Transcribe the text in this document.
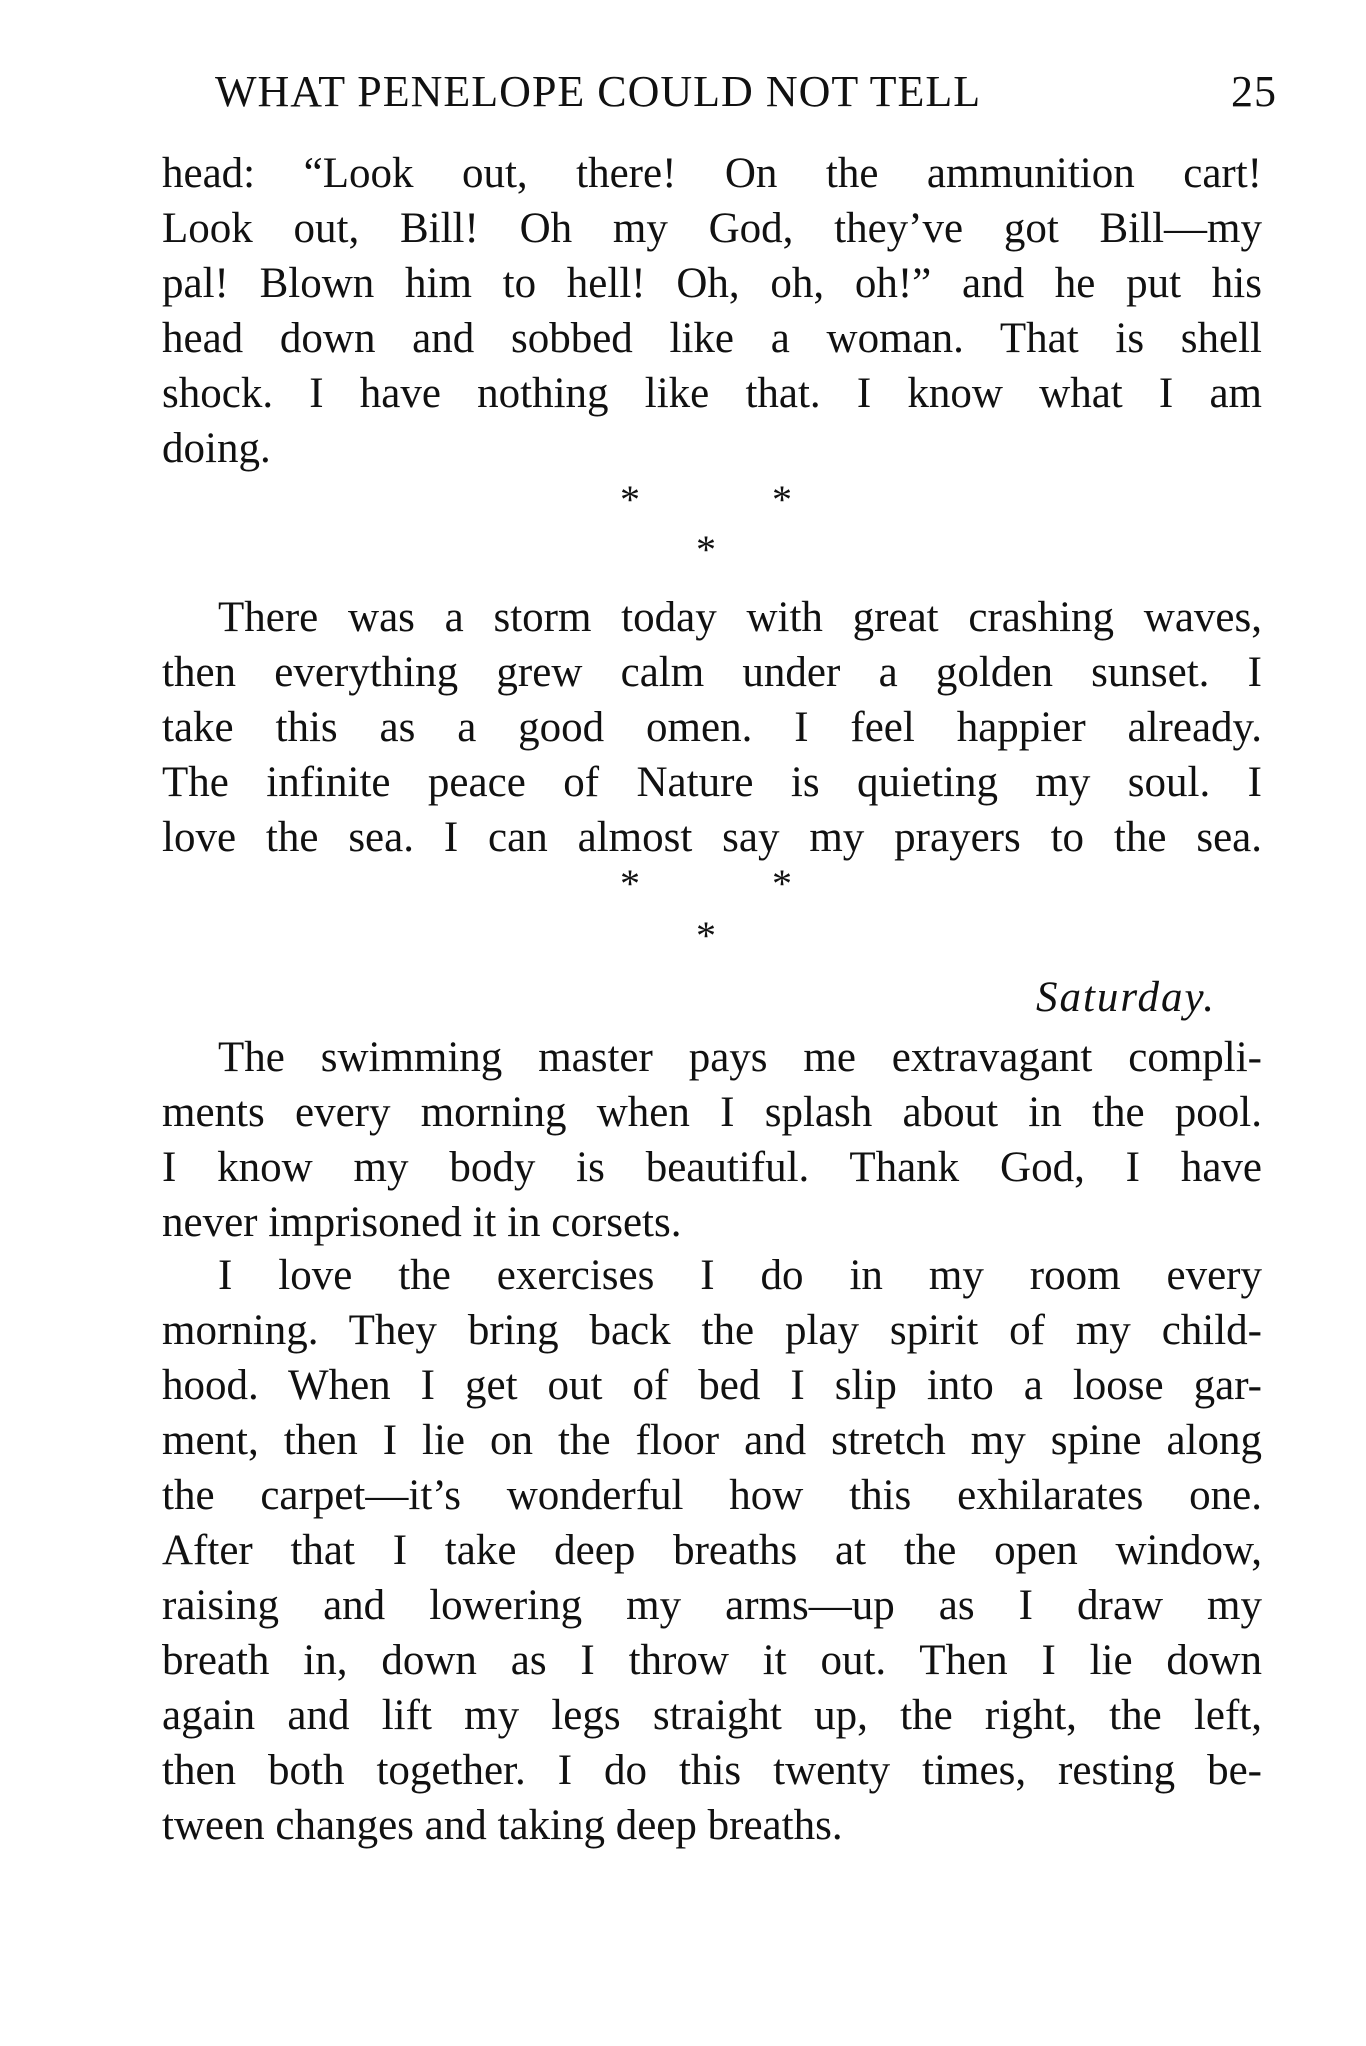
WHAT PENELOPE COULD NOT TELL	25
head: “Look out, there! On the ammunition cart!
Look out, Bill! Oh my God, they’ve got Bill—my
pal! Blown him to hell! Oh, oh, oh!” and he put his
head down and sobbed like a woman. That is shell
shock. I have nothing like that. I know what I am
doing.
*	*
*
There was a storm today with great crashing waves,
then everything grew calm under a golden sunset. I
take this as a good omen. I feel happier already.
The infinite peace of Nature is quieting my soul. I
love the sea. I can almost say my prayers to the sea.
*	*
*
Saturday.
The swimming master pays me extravagant compli-
ments every morning when I splash about in the pool.
I know my body is beautiful. Thank God, I have
never imprisoned it in corsets.
I love the exercises I do in my room every
morning. They bring back the play spirit of my child-
hood. When I get out of bed I slip into a loose gar-
ment, then I lie on the floor and stretch my spine along
the carpet—it’s wonderful how this exhilarates one.
After that I take deep breaths at the open window,
raising and lowering my arms—up as I draw my
breath in, down as I throw it out. Then I lie down
again and lift my legs straight up, the right, the left,
then both together. I do this twenty times, resting be-
tween changes and taking deep breaths.
